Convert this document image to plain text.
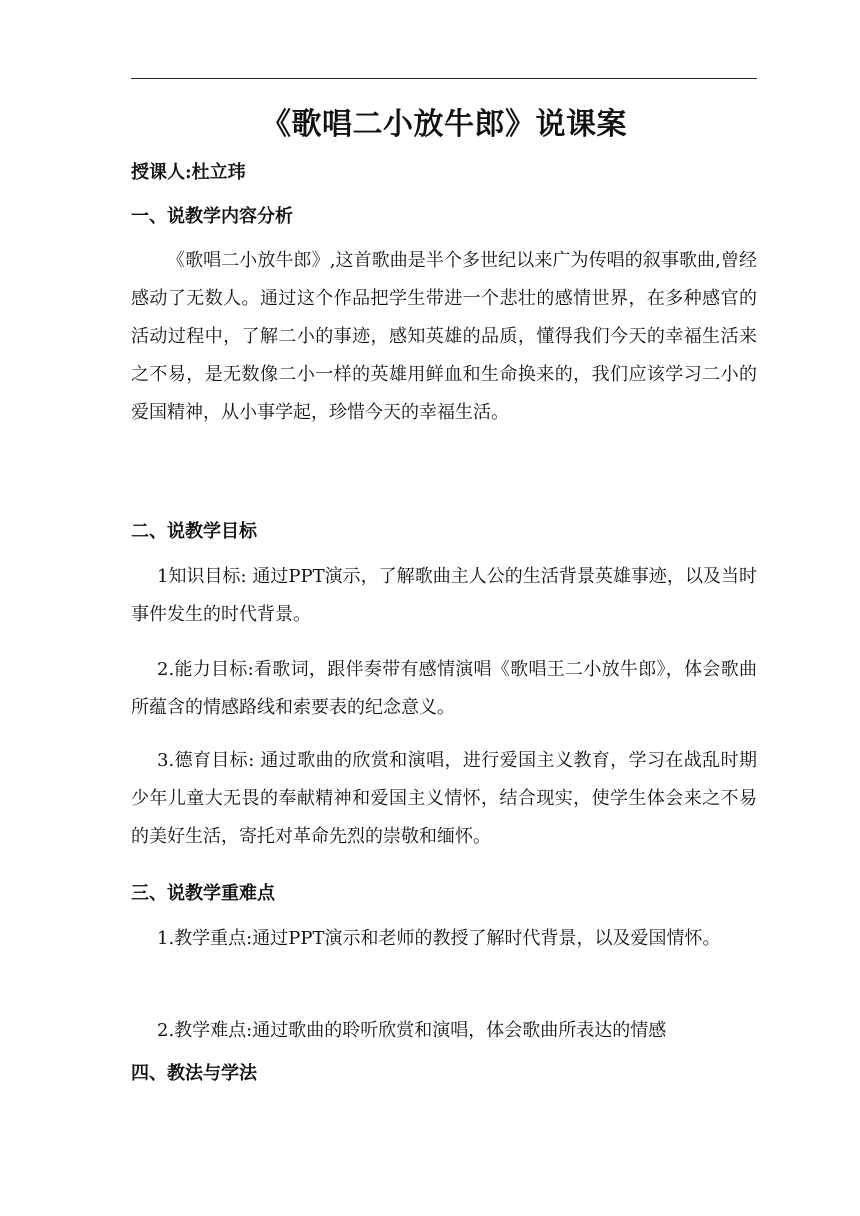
《歌唱二小放牛郎》说课案
授课人:杜立玮
一、说教学内容分析

《歌唱二小放牛郎》,这首歌曲是半个多世纪以来广为传唱的叙事歌曲,曾经感动了无数人。通过这个作品把学生带进一个悲壮的感情世界，在多种感官的活动过程中，了解二小的事迹，感知英雄的品质，懂得我们今天的幸福生活来之不易，是无数像二小一样的英雄用鲜血和生命换来的，我们应该学习二小的爱国精神，从小事学起，珍惜今天的幸福生活。

二、说教学目标

1知识目标: 通过PPT演示，了解歌曲主人公的生活背景英雄事迹，以及当时事件发生的时代背景。

2.能力目标:看歌词，跟伴奏带有感情演唱《歌唱王二小放牛郎》，体会歌曲所蕴含的情感路线和索要表的纪念意义。

3.德育目标: 通过歌曲的欣赏和演唱，进行爱国主义教育，学习在战乱时期少年儿童大无畏的奉献精神和爱国主义情怀，结合现实，使学生体会来之不易的美好生活，寄托对革命先烈的崇敬和缅怀。

三、说教学重难点

1.教学重点:通过PPT演示和老师的教授了解时代背景，以及爱国情怀。

2.教学难点:通过歌曲的聆听欣赏和演唱，体会歌曲所表达的情感

四、教法与学法
